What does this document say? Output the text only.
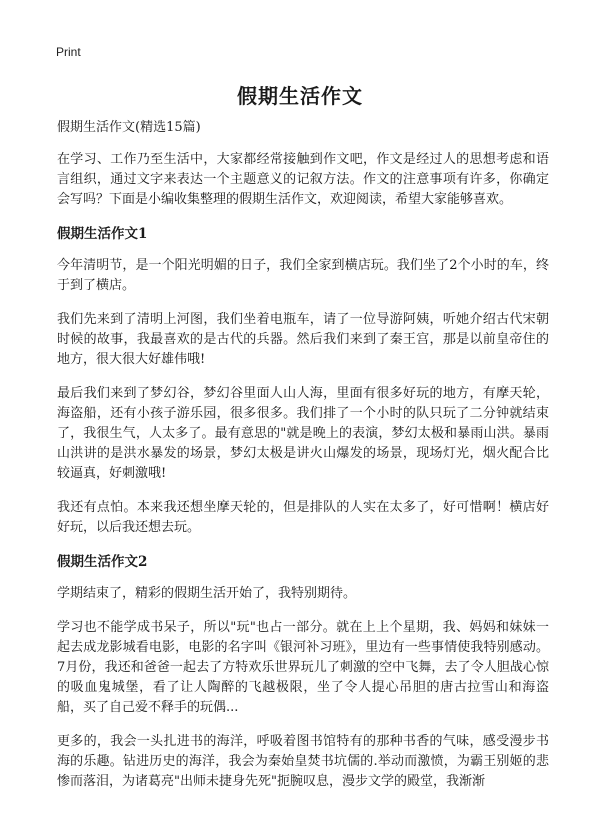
Print
假期生活作文

假期生活作文(精选15篇)

在学习、工作乃至生活中，大家都经常接触到作文吧，作文是经过人的思想考虑和语言组织，通过文字来表达一个主题意义的记叙方法。作文的注意事项有许多，你确定会写吗？下面是小编收集整理的假期生活作文，欢迎阅读，希望大家能够喜欢。

假期生活作文1

今年清明节，是一个阳光明媚的日子，我们全家到横店玩。我们坐了2个小时的车，终于到了横店。

我们先来到了清明上河图，我们坐着电瓶车，请了一位导游阿姨，听她介绍古代宋朝时候的故事，我最喜欢的是古代的兵器。然后我们来到了秦王宫，那是以前皇帝住的地方，很大很大好雄伟哦!

最后我们来到了梦幻谷，梦幻谷里面人山人海，里面有很多好玩的地方，有摩天轮，海盗船，还有小孩子游乐园，很多很多。我们排了一个小时的队只玩了二分钟就结束了，我很生气，人太多了。最有意思的"就是晚上的表演，梦幻太极和暴雨山洪。暴雨山洪讲的是洪水暴发的场景，梦幻太极是讲火山爆发的场景，现场灯光，烟火配合比较逼真，好刺激哦!

我还有点怕。本来我还想坐摩天轮的，但是排队的人实在太多了，好可惜啊！横店好好玩，以后我还想去玩。

假期生活作文2

学期结束了，精彩的假期生活开始了，我特别期待。

学习也不能学成书呆子，所以"玩"也占一部分。就在上上个星期，我、妈妈和妹妹一起去成龙影城看电影，电影的名字叫《银河补习班》，里边有一些事情使我特别感动。7月份，我还和爸爸一起去了方特欢乐世界玩儿了刺激的空中飞舞，去了令人胆战心惊的吸血鬼城堡，看了让人陶醉的飞越极限，坐了令人提心吊胆的唐古拉雪山和海盗船，买了自己爱不释手的玩偶...

更多的，我会一头扎进书的海洋，呼吸着图书馆特有的那种书香的气味，感受漫步书海的乐趣。钻进历史的海洋，我会为秦始皇焚书坑儒的.举动而激愤，为霸王别姬的悲惨而落泪，为诸葛亮"出师未捷身先死"扼腕叹息，漫步文学的殿堂，我渐渐
